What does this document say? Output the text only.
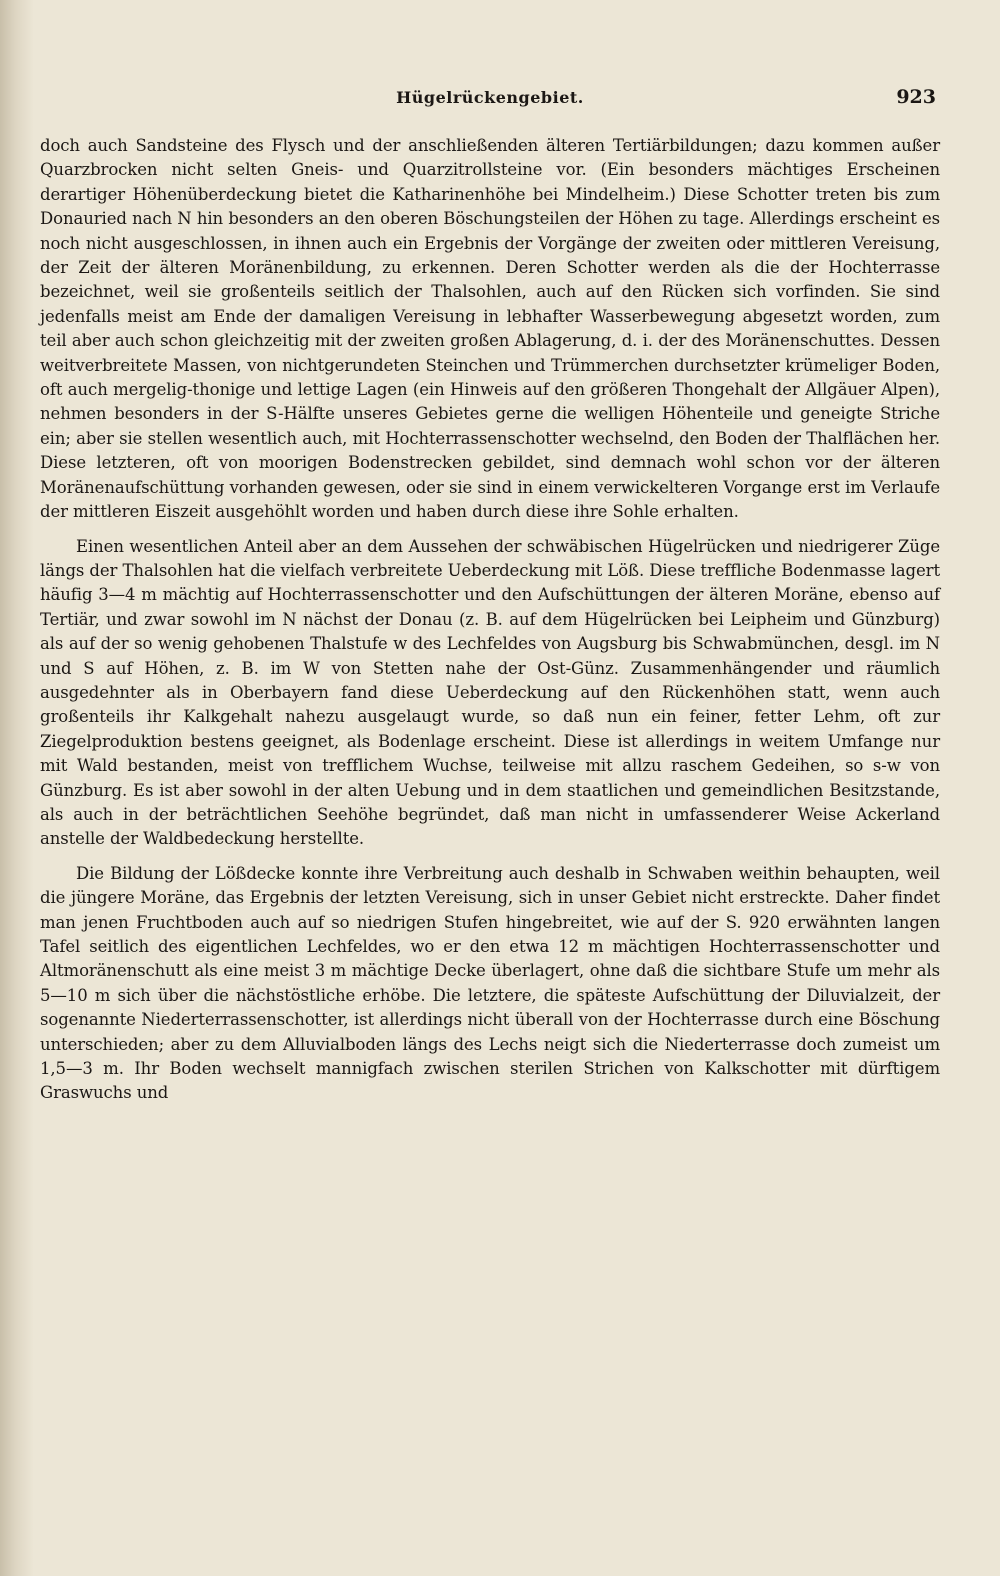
Hügelrückengebiet.	923

doch auch Sandsteine des Flysch und der anschließenden älteren Tertiärbildungen; dazu kommen außer Quarzbrocken nicht selten Gneis- und Quarzitrollsteine vor. (Ein besonders mächtiges Erscheinen derartiger Höhenüberdeckung bietet die Katharinenhöhe bei Mindelheim.) Diese Schotter treten bis zum Donauried nach N hin besonders an den oberen Böschungsteilen der Höhen zu tage. Allerdings erscheint es noch nicht ausgeschlossen, in ihnen auch ein Ergebnis der Vorgänge der zweiten oder mittleren Vereisung, der Zeit der älteren Moränenbildung, zu erkennen. Deren Schotter werden als die der Hochterrasse bezeichnet, weil sie großenteils seitlich der Thalsohlen, auch auf den Rücken sich vorfinden. Sie sind jedenfalls meist am Ende der damaligen Vereisung in lebhafter Wasserbewegung abgesetzt worden, zum teil aber auch schon gleichzeitig mit der zweiten großen Ablagerung, d. i. der des Moränenschuttes. Dessen weitverbreitete Massen, von nichtgerundeten Steinchen und Trümmerchen durchsetzter krümeliger Boden, oft auch mergelig-thonige und lettige Lagen (ein Hinweis auf den größeren Thongehalt der Allgäuer Alpen), nehmen besonders in der S-Hälfte unseres Gebietes gerne die welligen Höhenteile und geneigte Striche ein; aber sie stellen wesentlich auch, mit Hochterrassenschotter wechselnd, den Boden der Thalflächen her. Diese letzteren, oft von moorigen Bodenstrecken gebildet, sind demnach wohl schon vor der älteren Moränenaufschüttung vorhanden gewesen, oder sie sind in einem verwickelteren Vorgange erst im Verlaufe der mittleren Eiszeit ausgehöhlt worden und haben durch diese ihre Sohle erhalten.

Einen wesentlichen Anteil aber an dem Aussehen der schwäbischen Hügelrücken und niedrigerer Züge längs der Thalsohlen hat die vielfach verbreitete Ueberdeckung mit Löß. Diese treffliche Bodenmasse lagert häufig 3—4 m mächtig auf Hochterrassenschotter und den Aufschüttungen der älteren Moräne, ebenso auf Tertiär, und zwar sowohl im N nächst der Donau (z. B. auf dem Hügelrücken bei Leipheim und Günzburg) als auf der so wenig gehobenen Thalstufe w des Lechfeldes von Augsburg bis Schwabmünchen, desgl. im N und S auf Höhen, z. B. im W von Stetten nahe der Ost-Günz. Zusammenhängender und räumlich ausgedehnter als in Oberbayern fand diese Ueberdeckung auf den Rückenhöhen statt, wenn auch großenteils ihr Kalkgehalt nahezu ausgelaugt wurde, so daß nun ein feiner, fetter Lehm, oft zur Ziegelproduktion bestens geeignet, als Bodenlage erscheint. Diese ist allerdings in weitem Umfange nur mit Wald bestanden, meist von trefflichem Wuchse, teilweise mit allzu raschem Gedeihen, so s-w von Günzburg. Es ist aber sowohl in der alten Uebung und in dem staatlichen und gemeindlichen Besitzstande, als auch in der beträchtlichen Seehöhe begründet, daß man nicht in umfassenderer Weise Ackerland anstelle der Waldbedeckung herstellte.

Die Bildung der Lößdecke konnte ihre Verbreitung auch deshalb in Schwaben weithin behaupten, weil die jüngere Moräne, das Ergebnis der letzten Vereisung, sich in unser Gebiet nicht erstreckte. Daher findet man jenen Fruchtboden auch auf so niedrigen Stufen hingebreitet, wie auf der S. 920 erwähnten langen Tafel seitlich des eigentlichen Lechfeldes, wo er den etwa 12 m mächtigen Hochterrassenschotter und Altmoränenschutt als eine meist 3 m mächtige Decke überlagert, ohne daß die sichtbare Stufe um mehr als 5—10 m sich über die nächstöstliche erhöbe. Die letztere, die späteste Aufschüttung der Diluvialzeit, der sogenannte Niederterrassenschotter, ist allerdings nicht überall von der Hochterrasse durch eine Böschung unterschieden; aber zu dem Alluvialboden längs des Lechs neigt sich die Niederterrasse doch zumeist um 1,5—3 m. Ihr Boden wechselt mannigfach zwischen sterilen Strichen von Kalkschotter mit dürftigem Graswuchs und
